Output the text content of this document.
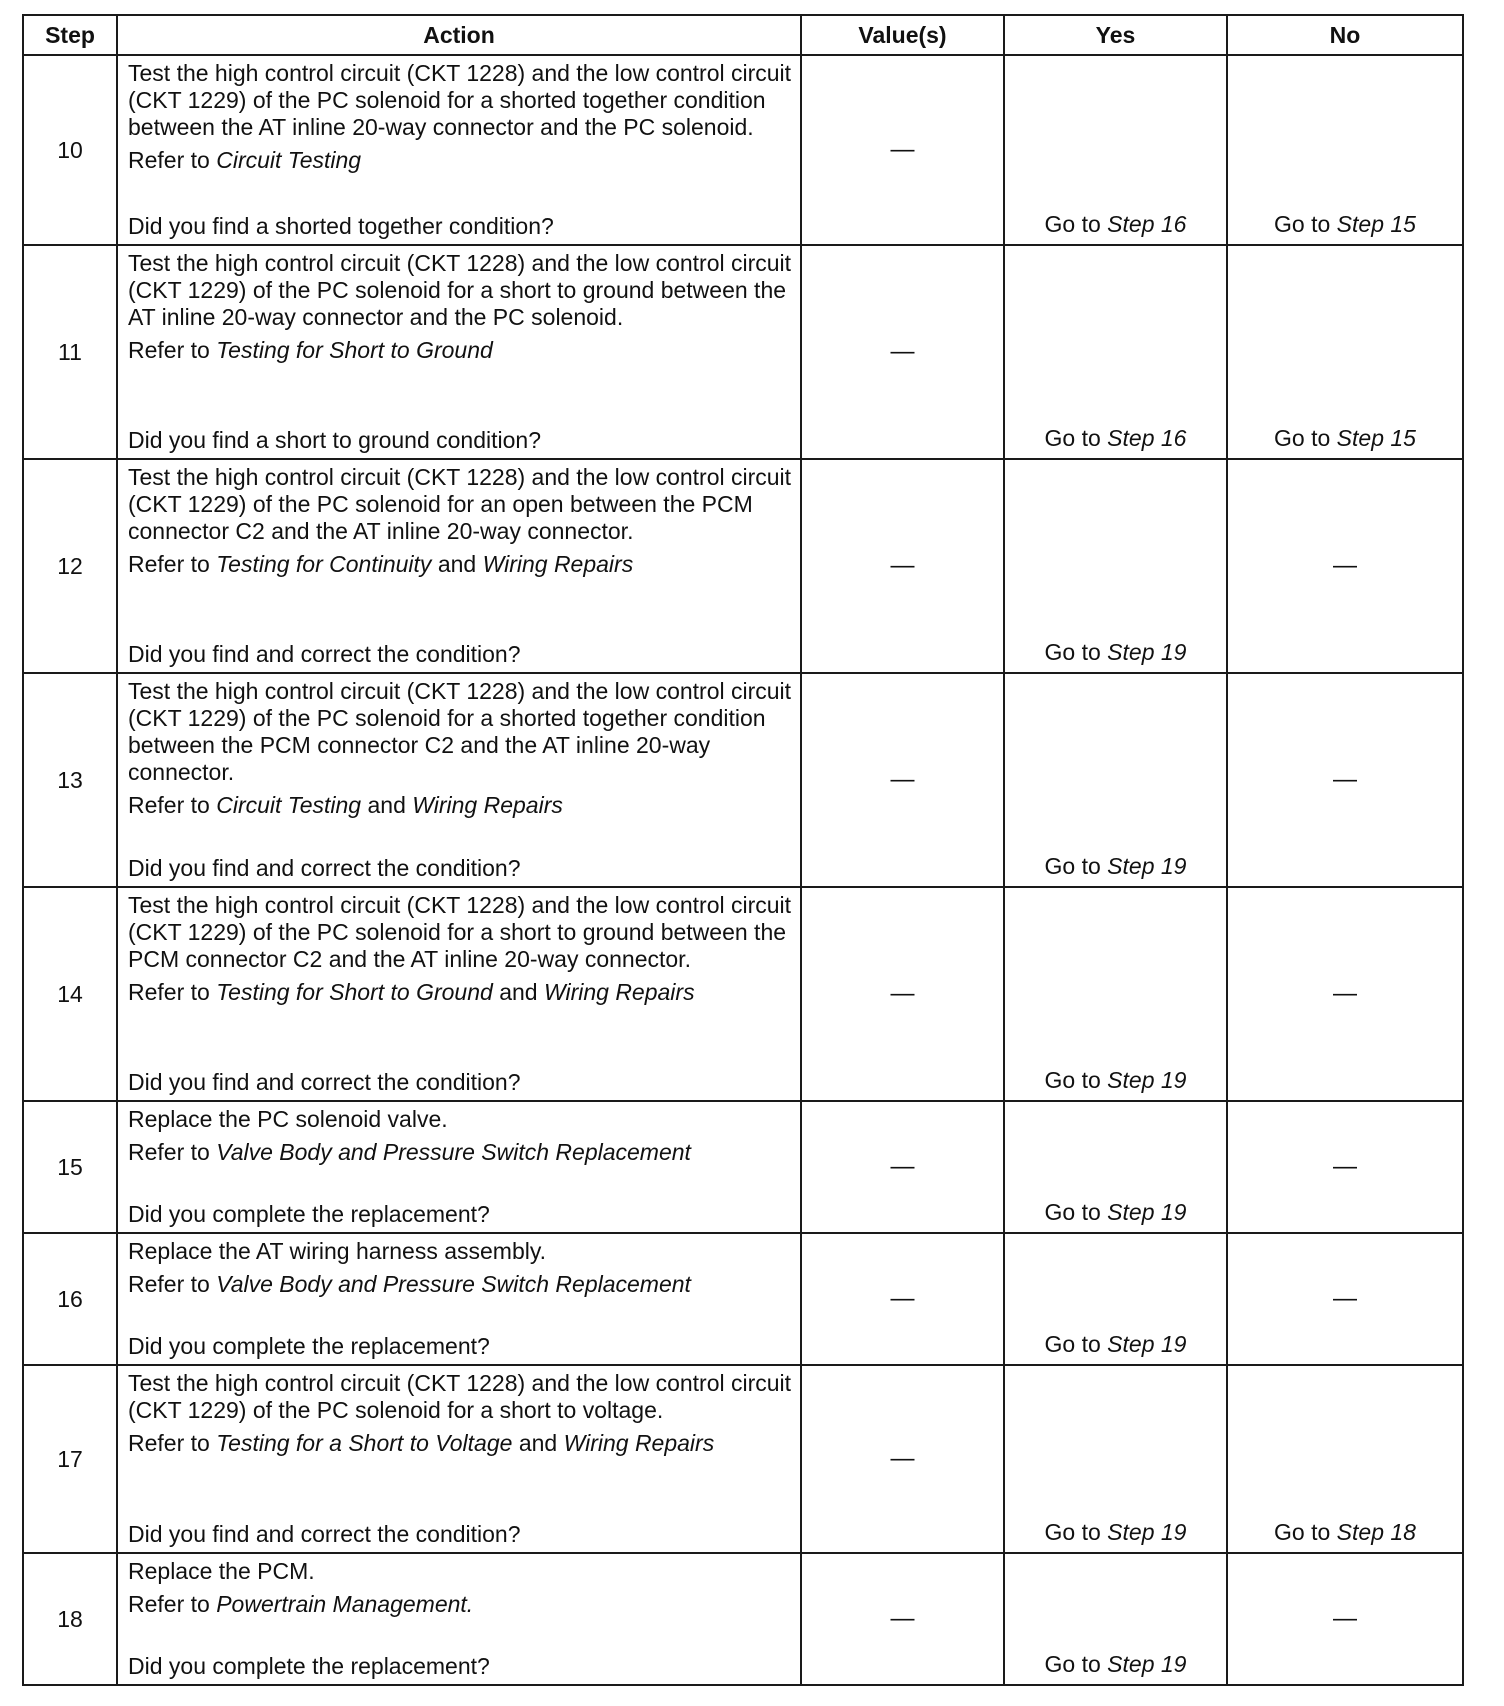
Step	Action	Value(s)	Yes	No
10	Test the high control circuit (CKT 1228) and the low control circuit (CKT 1229) of the PC solenoid for a shorted together condition between the AT inline 20-way connector and the PC solenoid.

Refer to Circuit Testing

Did you find a shorted together condition?	—	Go to Step 16	Go to Step 15
11	Test the high control circuit (CKT 1228) and the low control circuit (CKT 1229) of the PC solenoid for a short to ground between the AT inline 20-way connector and the PC solenoid.

Refer to Testing for Short to Ground

Did you find a short to ground condition?	—	Go to Step 16	Go to Step 15
12	Test the high control circuit (CKT 1228) and the low control circuit (CKT 1229) of the PC solenoid for an open between the PCM connector C2 and the AT inline 20-way connector.

Refer to Testing for Continuity and Wiring Repairs

Did you find and correct the condition?	—	Go to Step 19	—
13	Test the high control circuit (CKT 1228) and the low control circuit (CKT 1229) of the PC solenoid for a shorted together condition between the PCM connector C2 and the AT inline 20-way connector.

Refer to Circuit Testing and Wiring Repairs

Did you find and correct the condition?	—	Go to Step 19	—
14	Test the high control circuit (CKT 1228) and the low control circuit (CKT 1229) of the PC solenoid for a short to ground between the PCM connector C2 and the AT inline 20-way connector.

Refer to Testing for Short to Ground and Wiring Repairs

Did you find and correct the condition?	—	Go to Step 19	—
15	Replace the PC solenoid valve.

Refer to Valve Body and Pressure Switch Replacement

Did you complete the replacement?	—	Go to Step 19	—
16	Replace the AT wiring harness assembly.

Refer to Valve Body and Pressure Switch Replacement

Did you complete the replacement?	—	Go to Step 19	—
17	Test the high control circuit (CKT 1228) and the low control circuit (CKT 1229) of the PC solenoid for a short to voltage.

Refer to Testing for a Short to Voltage and Wiring Repairs

Did you find and correct the condition?	—	Go to Step 19	Go to Step 18
18	Replace the PCM.

Refer to Powertrain Management.

Did you complete the replacement?	—	Go to Step 19	—
